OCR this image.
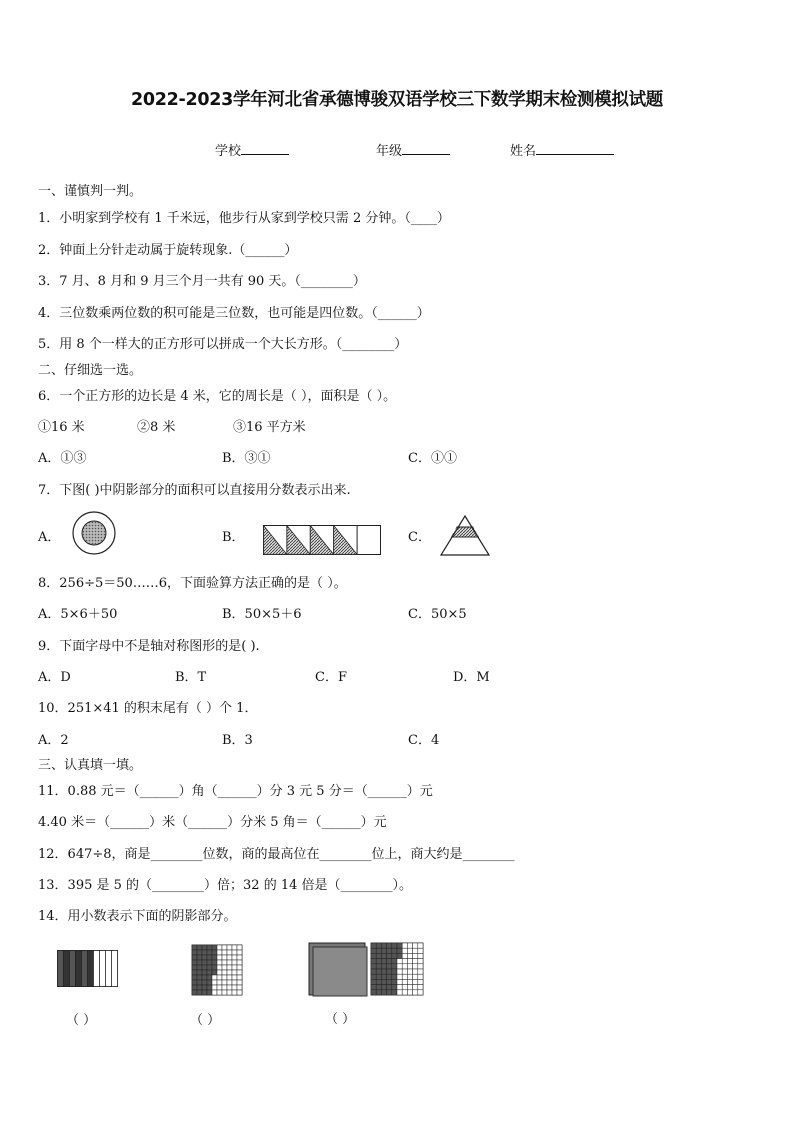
2022-2023学年河北省承德博骏双语学校三下数学期末检测模拟试题
学校	年级	姓名
一、谨慎判一判。
1．小明家到学校有 1 千米远，他步行从家到学校只需 2 分钟。（____）
2．钟面上分针走动属于旋转现象.（______）
3．7 月、8 月和 9 月三个月一共有 90 天。（________）
4．三位数乘两位数的积可能是三位数，也可能是四位数。（______）
5．用 8 个一样大的正方形可以拼成一个大长方形。（________）
二、仔细选一选。
6．一个正方形的边长是 4 米，它的周长是（ ），面积是（ ）。
①16 米	②8 米	③16 平方米
A．①③	B．③①	C．①①
7．下图( )中阴影部分的面积可以直接用分数表示出来.
A．	B．	C．
8．256÷5＝50……6，下面验算方法正确的是（ ）。
A．5×6＋50	B．50×5＋6	C．50×5
9．下面字母中不是轴对称图形的是( ).
A．D	B．T	C．F	D．M
10．251×41 的积末尾有（ ）个 1．
A．2	B．3	C．4
三、认真填一填。
11．0.88 元＝（______）角（______）分 3 元 5 分＝（______）元
4.40 米＝（______）米（______）分米 5 角＝（______）元
12．647÷8，商是________位数，商的最高位在________位上，商大约是________
13．395 是 5 的（________）倍；32 的 14 倍是（________）。
14．用小数表示下面的阴影部分。
（ ）	（ ）	（ ）
